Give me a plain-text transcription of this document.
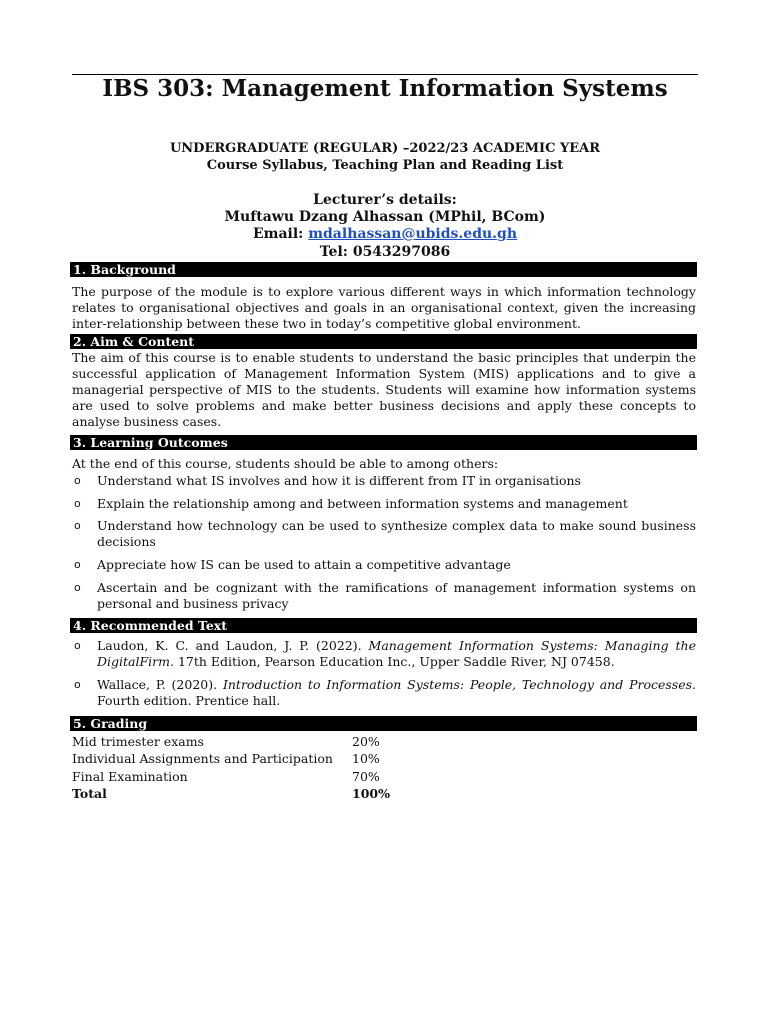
IBS 303: Management Information Systems
UNDERGRADUATE (REGULAR) –2022/23 ACADEMIC YEAR
Course Syllabus, Teaching Plan and Reading List
Lecturer’s details:
Muftawu Dzang Alhassan (MPhil, BCom)
Email: mdalhassan@ubids.edu.gh
Tel: 0543297086
1. Background

The purpose of the module is to explore various different ways in which information technology relates to organisational objectives and goals in an organisational context, given the increasing inter-relationship between these two in today’s competitive global environment.

2. Aim & Content

The aim of this course is to enable students to understand the basic principles that underpin the successful application of Management Information System (MIS) applications and to give a managerial perspective of MIS to the students. Students will examine how information systems are used to solve problems and make better business decisions and apply these concepts to analyse business cases.

3. Learning Outcomes
At the end of this course, students should be able to among others:
o Understand what IS involves and how it is different from IT in organisations
o Explain the relationship among and between information systems and management
o Understand how technology can be used to synthesize complex data to make sound business decisions
o Appreciate how IS can be used to attain a competitive advantage
o Ascertain and be cognizant with the ramifications of management information systems on personal and business privacy
4. Recommended Text
o Laudon, K. C. and Laudon, J. P. (2022). Management Information Systems: Managing the DigitalFirm. 17th Edition, Pearson Education Inc., Upper Saddle River, NJ 07458.
o Wallace, P. (2020). Introduction to Information Systems: People, Technology and Processes. Fourth edition. Prentice hall.
5. Grading
Mid trimester exams	20%
Individual Assignments and Participation 10%
Final Examination	70%
Total	100%
